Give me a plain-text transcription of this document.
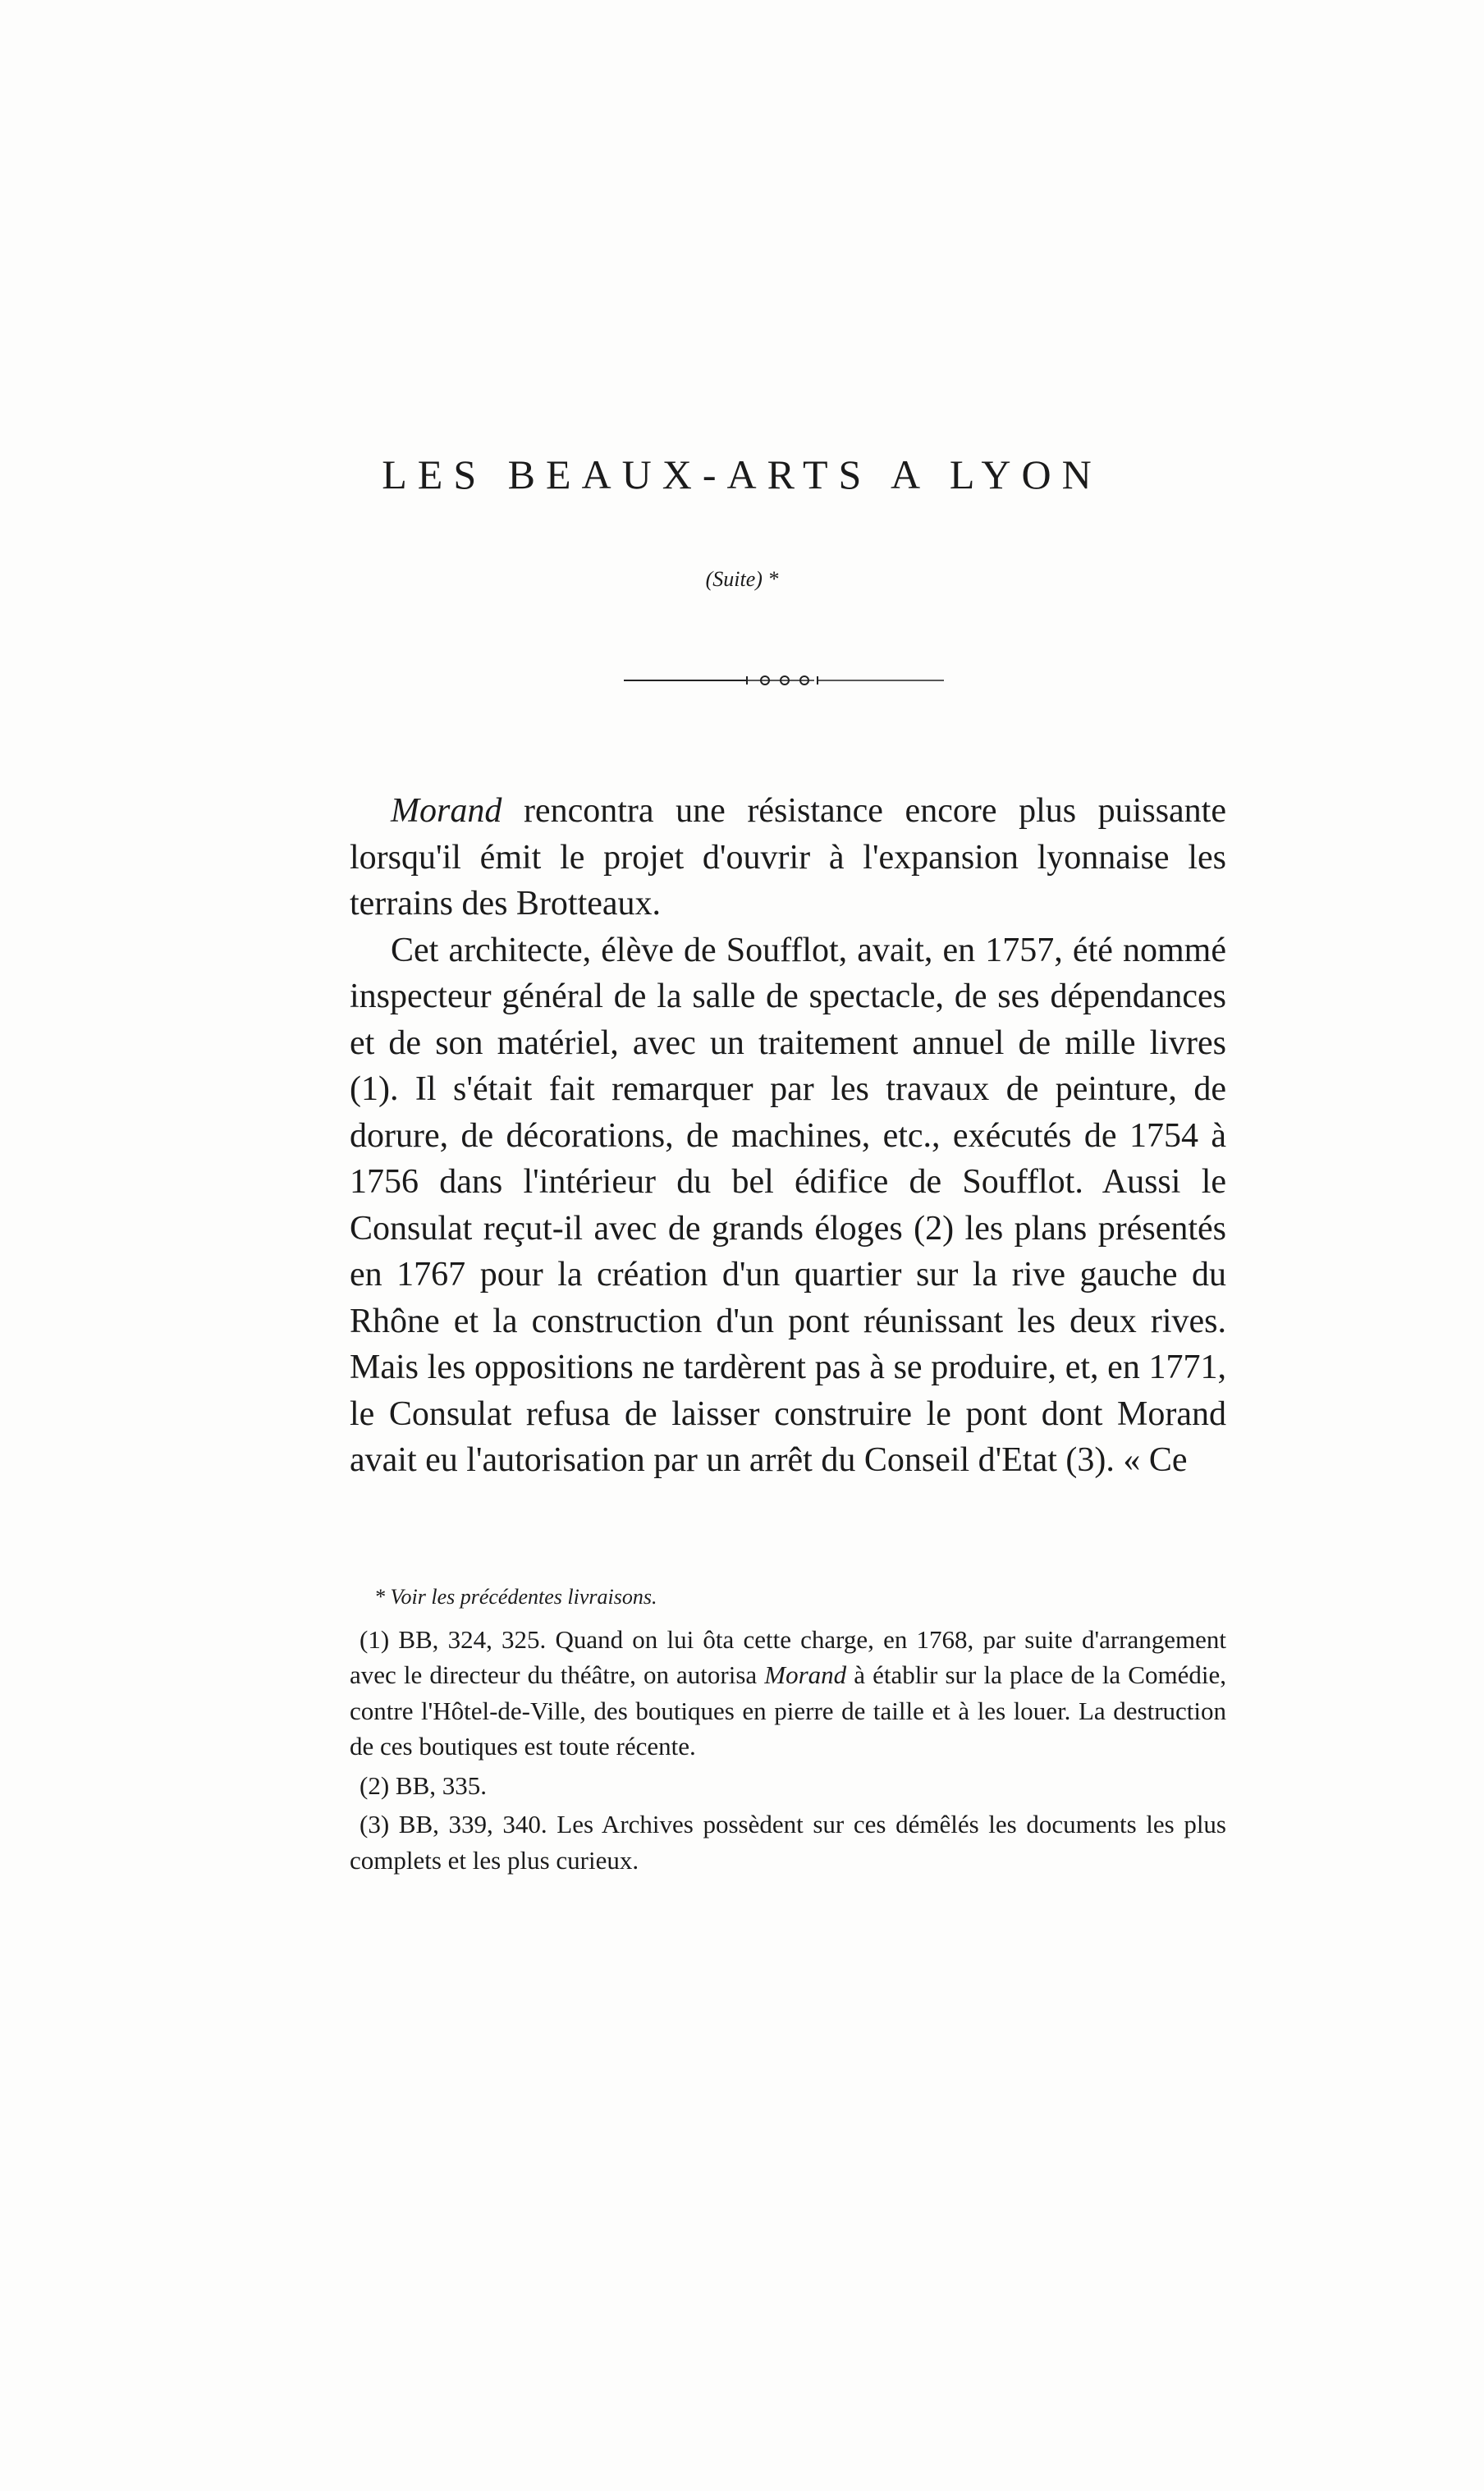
LES BEAUX-ARTS A LYON

(Suite) *

Morand rencontra une résistance encore plus puissante lorsqu'il émit le projet d'ouvrir à l'expansion lyonnaise les terrains des Brotteaux.

Cet architecte, élève de Soufflot, avait, en 1757, été nommé inspecteur général de la salle de spectacle, de ses dépendances et de son matériel, avec un traitement annuel de mille livres (1). Il s'était fait remarquer par les travaux de peinture, de dorure, de décorations, de machines, etc., exécutés de 1754 à 1756 dans l'intérieur du bel édifice de Soufflot. Aussi le Consulat reçut-il avec de grands éloges (2) les plans présentés en 1767 pour la création d'un quartier sur la rive gauche du Rhône et la construction d'un pont réunissant les deux rives. Mais les oppositions ne tardèrent pas à se produire, et, en 1771, le Consulat refusa de laisser construire le pont dont Morand avait eu l'autorisation par un arrêt du Conseil d'Etat (3). « Ce

* Voir les précédentes livraisons.

(1) BB, 324, 325. Quand on lui ôta cette charge, en 1768, par suite d'arrangement avec le directeur du théâtre, on autorisa Morand à établir sur la place de la Comédie, contre l'Hôtel-de-Ville, des boutiques en pierre de taille et à les louer. La destruction de ces boutiques est toute récente.

(2) BB, 335.

(3) BB, 339, 340. Les Archives possèdent sur ces démêlés les documents les plus complets et les plus curieux.
